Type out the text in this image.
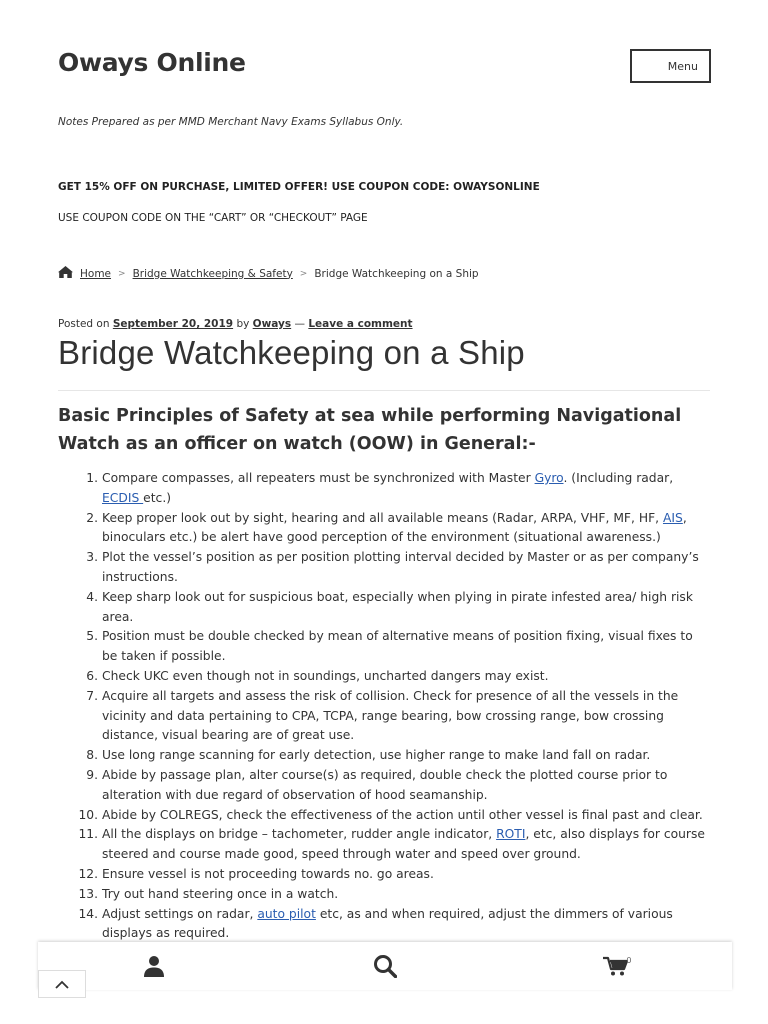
Oways Online	Menu
Notes Prepared as per MMD Merchant Navy Exams Syllabus Only.
GET 15% OFF ON PURCHASE, LIMITED OFFER! USE COUPON CODE: OWAYSONLINE
USE COUPON CODE ON THE “CART” OR “CHECKOUT” PAGE
Home > Bridge Watchkeeping & Safety > Bridge Watchkeeping on a Ship
Posted on September 20, 2019 by Oways — Leave a comment
Bridge Watchkeeping on a Ship
Basic Principles of Safety at sea while performing Navigational Watch as an officer on watch (OOW) in General:-
1. Compare compasses, all repeaters must be synchronized with Master Gyro. (Including radar, ECDIS etc.)
2. Keep proper look out by sight, hearing and all available means (Radar, ARPA, VHF, MF, HF, AIS, binoculars etc.) be alert have good perception of the environment (situational awareness.)
3. Plot the vessel’s position as per position plotting interval decided by Master or as per company’s instructions.
4. Keep sharp look out for suspicious boat, especially when plying in pirate infested area/ high risk area.
5. Position must be double checked by mean of alternative means of position fixing, visual fixes to be taken if possible.
6. Check UKC even though not in soundings, uncharted dangers may exist.
7. Acquire all targets and assess the risk of collision. Check for presence of all the vessels in the vicinity and data pertaining to CPA, TCPA, range bearing, bow crossing range, bow crossing distance, visual bearing are of great use.
8. Use long range scanning for early detection, use higher range to make land fall on radar.
9. Abide by passage plan, alter course(s) as required, double check the plotted course prior to alteration with due regard of observation of hood seamanship.
10. Abide by COLREGS, check the effectiveness of the action until other vessel is final past and clear.
11. All the displays on bridge – tachometer, rudder angle indicator, ROTI, etc, also displays for course steered and course made good, speed through water and speed over ground.
12. Ensure vessel is not proceeding towards no. go areas.
13. Try out hand steering once in a watch.
14. Adjust settings on radar, auto pilot etc, as and when required, adjust the dimmers of various displays as required.
0
